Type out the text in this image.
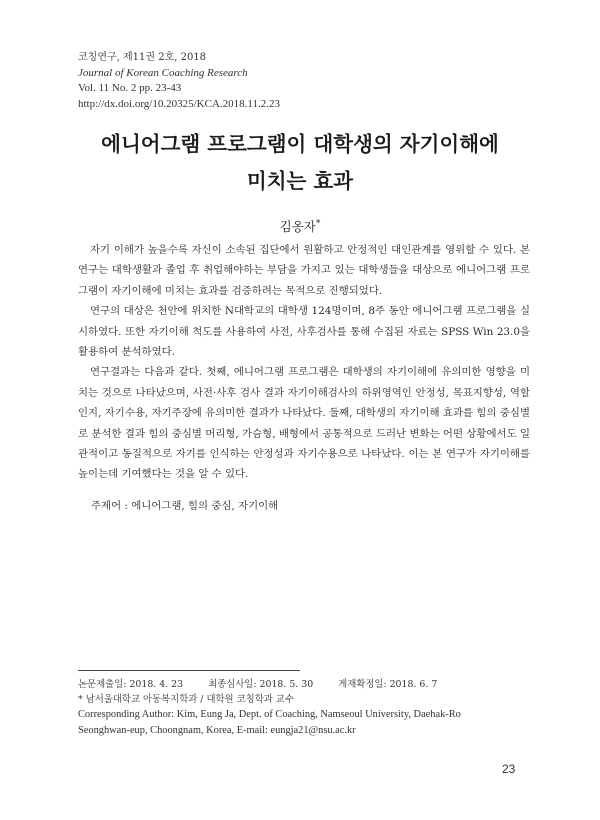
코칭연구, 제11권 2호, 2018
Journal of Korean Coaching Research
Vol. 11 No. 2 pp. 23-43
http://dx.doi.org/10.20325/KCA.2018.11.2.23
에니어그램 프로그램이 대학생의 자기이해에
미치는 효과
김옹자*

자기 이해가 높을수록 자신이 소속된 집단에서 원활하고 안정적인 대인관계를 영위할 수 있다. 본 연구는 대학생활과 졸업 후 취업해야하는 부담을 가지고 있는 대학생들을 대상으로 에니어그램 프로그램이 자기이해에 미치는 효과를 검증하려는 목적으로 진행되었다.

연구의 대상은 천안에 위치한 N대학교의 대학생 124명이며, 8주 동안 에니어그램 프로그램을 실시하였다. 또한 자기이해 척도를 사용하여 사전, 사후검사를 통해 수집된 자료는 SPSS Win 23.0을 활용하여 분석하였다.

연구결과는 다음과 같다. 첫째, 에니어그램 프로그램은 대학생의 자기이해에 유의미한 영향을 미치는 것으로 나타났으며, 사전·사후 검사 결과 자기이해검사의 하위영역인 안정성, 목표지향성, 역할인지, 자기수용, 자기주장에 유의미한 결과가 나타났다. 둘째, 대학생의 자기이해 효과를 힘의 중심별로 분석한 결과 힘의 중심별 머리형, 가슴형, 배형에서 공통적으로 드러난 변화는 어떤 상황에서도 일관적이고 동질적으로 자기를 인식하는 안정성과 자기수용으로 나타났다. 이는 본 연구가 자기이해를 높이는데 기여했다는 것을 알 수 있다.

주제어 : 에니어그램, 힘의 중심, 자기이해
논문제출일: 2018. 4. 23	최종심사일: 2018. 5. 30	게재확정일: 2018. 6. 7
* 남서울대학교 아동복지학과 / 대학원 코칭학과 교수
Corresponding Author: Kim, Eung Ja, Dept. of Coaching, Namseoul University, Daehak-Ro
Seonghwan-eup, Choongnam, Korea, E-mail: eungja21@nsu.ac.kr
23
